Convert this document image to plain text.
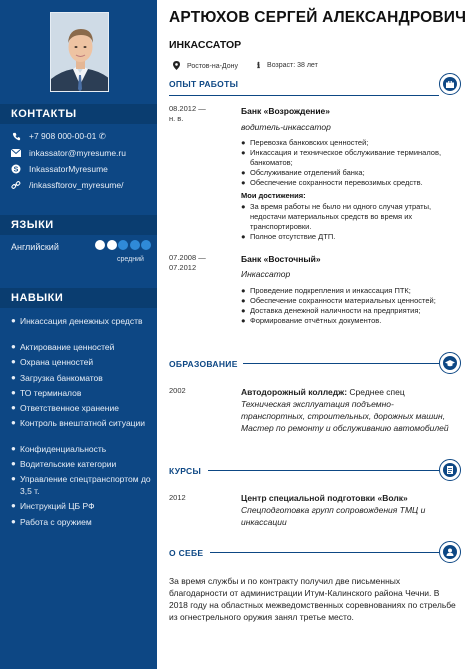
КОНТАКТЫ
+7 908 000-00-01 ✆
inkassator@myresume.ru
S InkassatorMyresume
/inkassftorov_myresume/
ЯЗЫКИ
Английский
средний
НАВЫКИ
● Инкассация денежных средств
● Актирование ценностей
● Охрана ценностей
● Загрузка банкоматов
● ТО терминалов
● Ответственное хранение
● Контроль внештатной ситуации
● Конфиденциальность
● Водительские категории
● Управление спецтранспортом до 3,5 т.
● Инструкций ЦБ РФ
● Работа с оружием
АРТЮХОВ СЕРГЕЙ АЛЕКСАНДРОВИЧ
ИНКАССАТОР
Ростов-на-Дону ℹ Возраст: 38 лет
ОПЫТ РАБОТЫ
08.2012 —
н. в.
Банк «Возрождение»
водитель-инкассатор
● Перевозка банковских ценностей;
● Инкассация и техническое обслуживание терминалов, банкоматов;
● Обслуживание отделений банка;
● Обеспечение сохранности перевозимых средств.
Мои достижения:
● За время работы не было ни одного случая утраты, недостачи материальных средств во время их транспортировки.
● Полное отсутствие ДТП.
07.2008 —
07.2012
Банк «Восточный»
Инкассатор
● Проведение подкрепления и инкассация ПТК;
● Обеспечение сохранности материальных ценностей;
● Доставка денежной наличности на предприятия;
● Формирование отчётных документов.
ОБРАЗОВАНИЕ
2002	Автодорожный колледж: Среднее спец
Техническая эксплуатация подъемно-транспортных, строительных, дорожных машин, Мастер по ремонту и обслуживанию автомобилей
КУРСЫ
2012	Центр специальной подготовки «Волк»
Спецподготовка групп сопровождения ТМЦ и инкассации
О СЕБЕ
За время службы и по контракту получил две письменных благодарности от администрации Итум-Калинского района Чечни. В 2018 году на областных межведомственных соревнованиях по стрельбе из огнестрельного оружия занял третье место.
